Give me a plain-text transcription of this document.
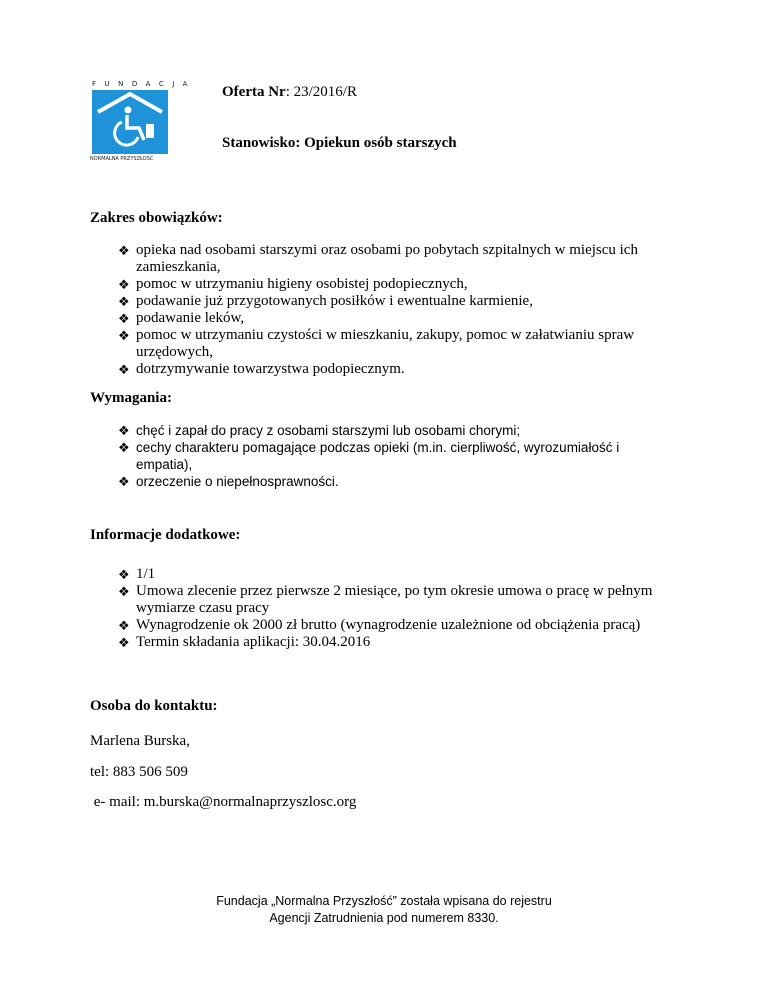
FUNDACJA
NORMALNA PRZYSZŁOŚĆ
Oferta Nr: 23/2016/R
Stanowisko: Opiekun osób starszych
Zakres obowiązków:
❖ opieka nad osobami starszymi oraz osobami po pobytach szpitalnych w miejscu ich zamieszkania,
❖ pomoc w utrzymaniu higieny osobistej podopiecznych,
❖ podawanie już przygotowanych posiłków i ewentualne karmienie,
❖ podawanie leków,
❖ pomoc w utrzymaniu czystości w mieszkaniu, zakupy, pomoc w załatwianiu spraw urzędowych,
❖ dotrzymywanie towarzystwa podopiecznym.
Wymagania:
❖ chęć i zapał do pracy z osobami starszymi lub osobami chorymi;
❖ cechy charakteru pomagające podczas opieki (m.in. cierpliwość, wyrozumiałość i empatia),
❖ orzeczenie o niepełnosprawności.
Informacje dodatkowe:
❖ 1/1
❖ Umowa zlecenie przez pierwsze 2 miesiące, po tym okresie umowa o pracę w pełnym wymiarze czasu pracy
❖ Wynagrodzenie ok 2000 zł brutto (wynagrodzenie uzależnione od obciążenia pracą)
❖ Termin składania aplikacji: 30.04.2016
Osoba do kontaktu:
Marlena Burska,
tel: 883 506 509
e- mail: m.burska@normalnaprzyszlosc.org
Fundacja „Normalna Przyszłość” została wpisana do rejestru
Agencji Zatrudnienia pod numerem 8330.
